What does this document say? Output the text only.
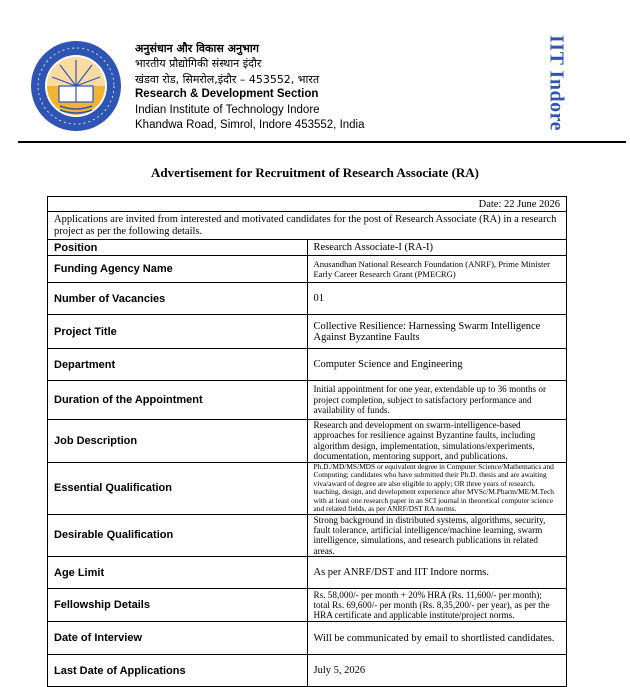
अनुसंधान और विकास अनुभाग
भारतीय प्रौद्योगिकी संस्थान इंदौर
खंडवा रोड, सिमरोल,इंदौर – 453552, भारत
Research & Development Section
Indian Institute of Technology Indore
Khandwa Road, Simrol, Indore 453552, India	IIT Indore
Advertisement for Recruitment of Research Associate (RA)
Date: 22 June 2026	
Applications are invited from interested and motivated candidates for the post of Research Associate (RA) in a research project as per the following details.	
Position	Research Associate-I (RA-I)
Funding Agency Name	Anusandhan National Research Foundation (ANRF), Prime Minister Early Career Research Grant (PMECRG)
Number of Vacancies	01
Project Title	Collective Resilience: Harnessing Swarm Intelligence Against Byzantine Faults
Department	Computer Science and Engineering
Duration of the Appointment	Initial appointment for one year, extendable up to 36 months or project completion, subject to satisfactory performance and availability of funds.
Job Description	Research and development on swarm-intelligence-based approaches for resilience against Byzantine faults, including algorithm design, implementation, simulations/experiments, documentation, mentoring support, and publications.
Essential Qualification	Ph.D./MD/MS/MDS or equivalent degree in Computer Science/Mathematics and Computing; candidates who have submitted their Ph.D. thesis and are awaiting viva/award of degree are also eligible to apply; OR three years of research, teaching, design, and development experience after MVSc/M.Pharm/ME/M.Tech with at least one research paper in an SCI journal in theoretical computer science and related fields, as per ANRF/DST RA norms.
Desirable Qualification	Strong background in distributed systems, algorithms, security, fault tolerance, artificial intelligence/machine learning, swarm intelligence, simulations, and research publications in related areas.
Age Limit	As per ANRF/DST and IIT Indore norms.
Fellowship Details	Rs. 58,000/- per month + 20% HRA (Rs. 11,600/- per month); total Rs. 69,600/- per month (Rs. 8,35,200/- per year), as per the HRA certificate and applicable institute/project norms.
Date of Interview	Will be communicated by email to shortlisted candidates.
Last Date of Applications	July 5, 2026
